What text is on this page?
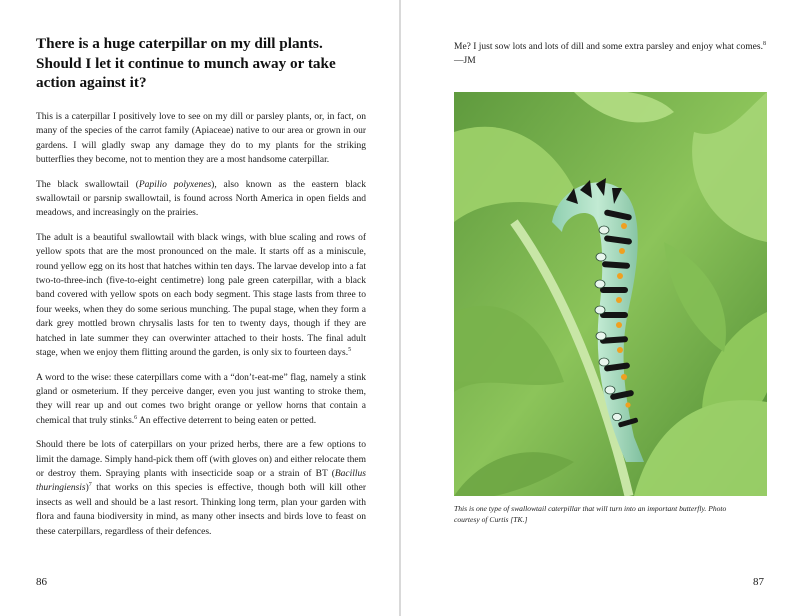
There is a huge caterpillar on my dill plants. Should I let it continue to munch away or take action against it?

This is a caterpillar I positively love to see on my dill or parsley plants, or, in fact, on many of the species of the carrot family (Apiaceae) native to our area or grown in our gardens. I will gladly swap any damage they do to my plants for the striking butterflies they become, not to mention they are a most handsome caterpillar.

The black swallowtail (Papilio polyxenes), also known as the eastern black swallowtail or parsnip swallowtail, is found across North America in open fields and meadows, and increasingly on the prairies.

The adult is a beautiful swallowtail with black wings, with blue scaling and rows of yellow spots that are the most pronounced on the male. It starts off as a miniscule, round yellow egg on its host that hatches within ten days. The larvae develop into a fat two-to-three-inch (five-to-eight centimetre) long pale green caterpillar, with a black band covered with yellow spots on each body segment. This stage lasts from three to four weeks, when they do some serious munching. The pupal stage, when they form a dark grey mottled brown chrysalis lasts for ten to twenty days, though if they are hatched in late summer they can overwinter attached to their hosts. The final adult stage, when we enjoy them flitting around the garden, is only six to fourteen days.$^5$

A word to the wise: these caterpillars come with a “don’t-eat-me” flag, namely a stink gland or osmeterium. If they perceive danger, even you just wanting to stroke them, they will rear up and out comes two bright orange or yellow horns that contain a chemical that truly stinks.$^6$ An effective deterrent to being eaten or petted.

Should there be lots of caterpillars on your prized herbs, there are a few options to limit the damage. Simply hand-pick them off (with gloves on) and either relocate them or destroy them. Spraying plants with insecticide soap or a strain of BT (Bacillus thuringiensis)$^7$ that works on this species is effective, though both will kill other insects as well and should be a last resort. Thinking long term, plan your garden with flora and fauna biodiversity in mind, as many other insects and birds love to feast on these caterpillars, regardless of their defences.

86
Me? I just sow lots and lots of dill and some extra parsley and enjoy what comes.$^8$—JM
This is one type of swallowtail caterpillar that will turn into an important butterfly. Photo courtesy of Curtis [TK.]
87
